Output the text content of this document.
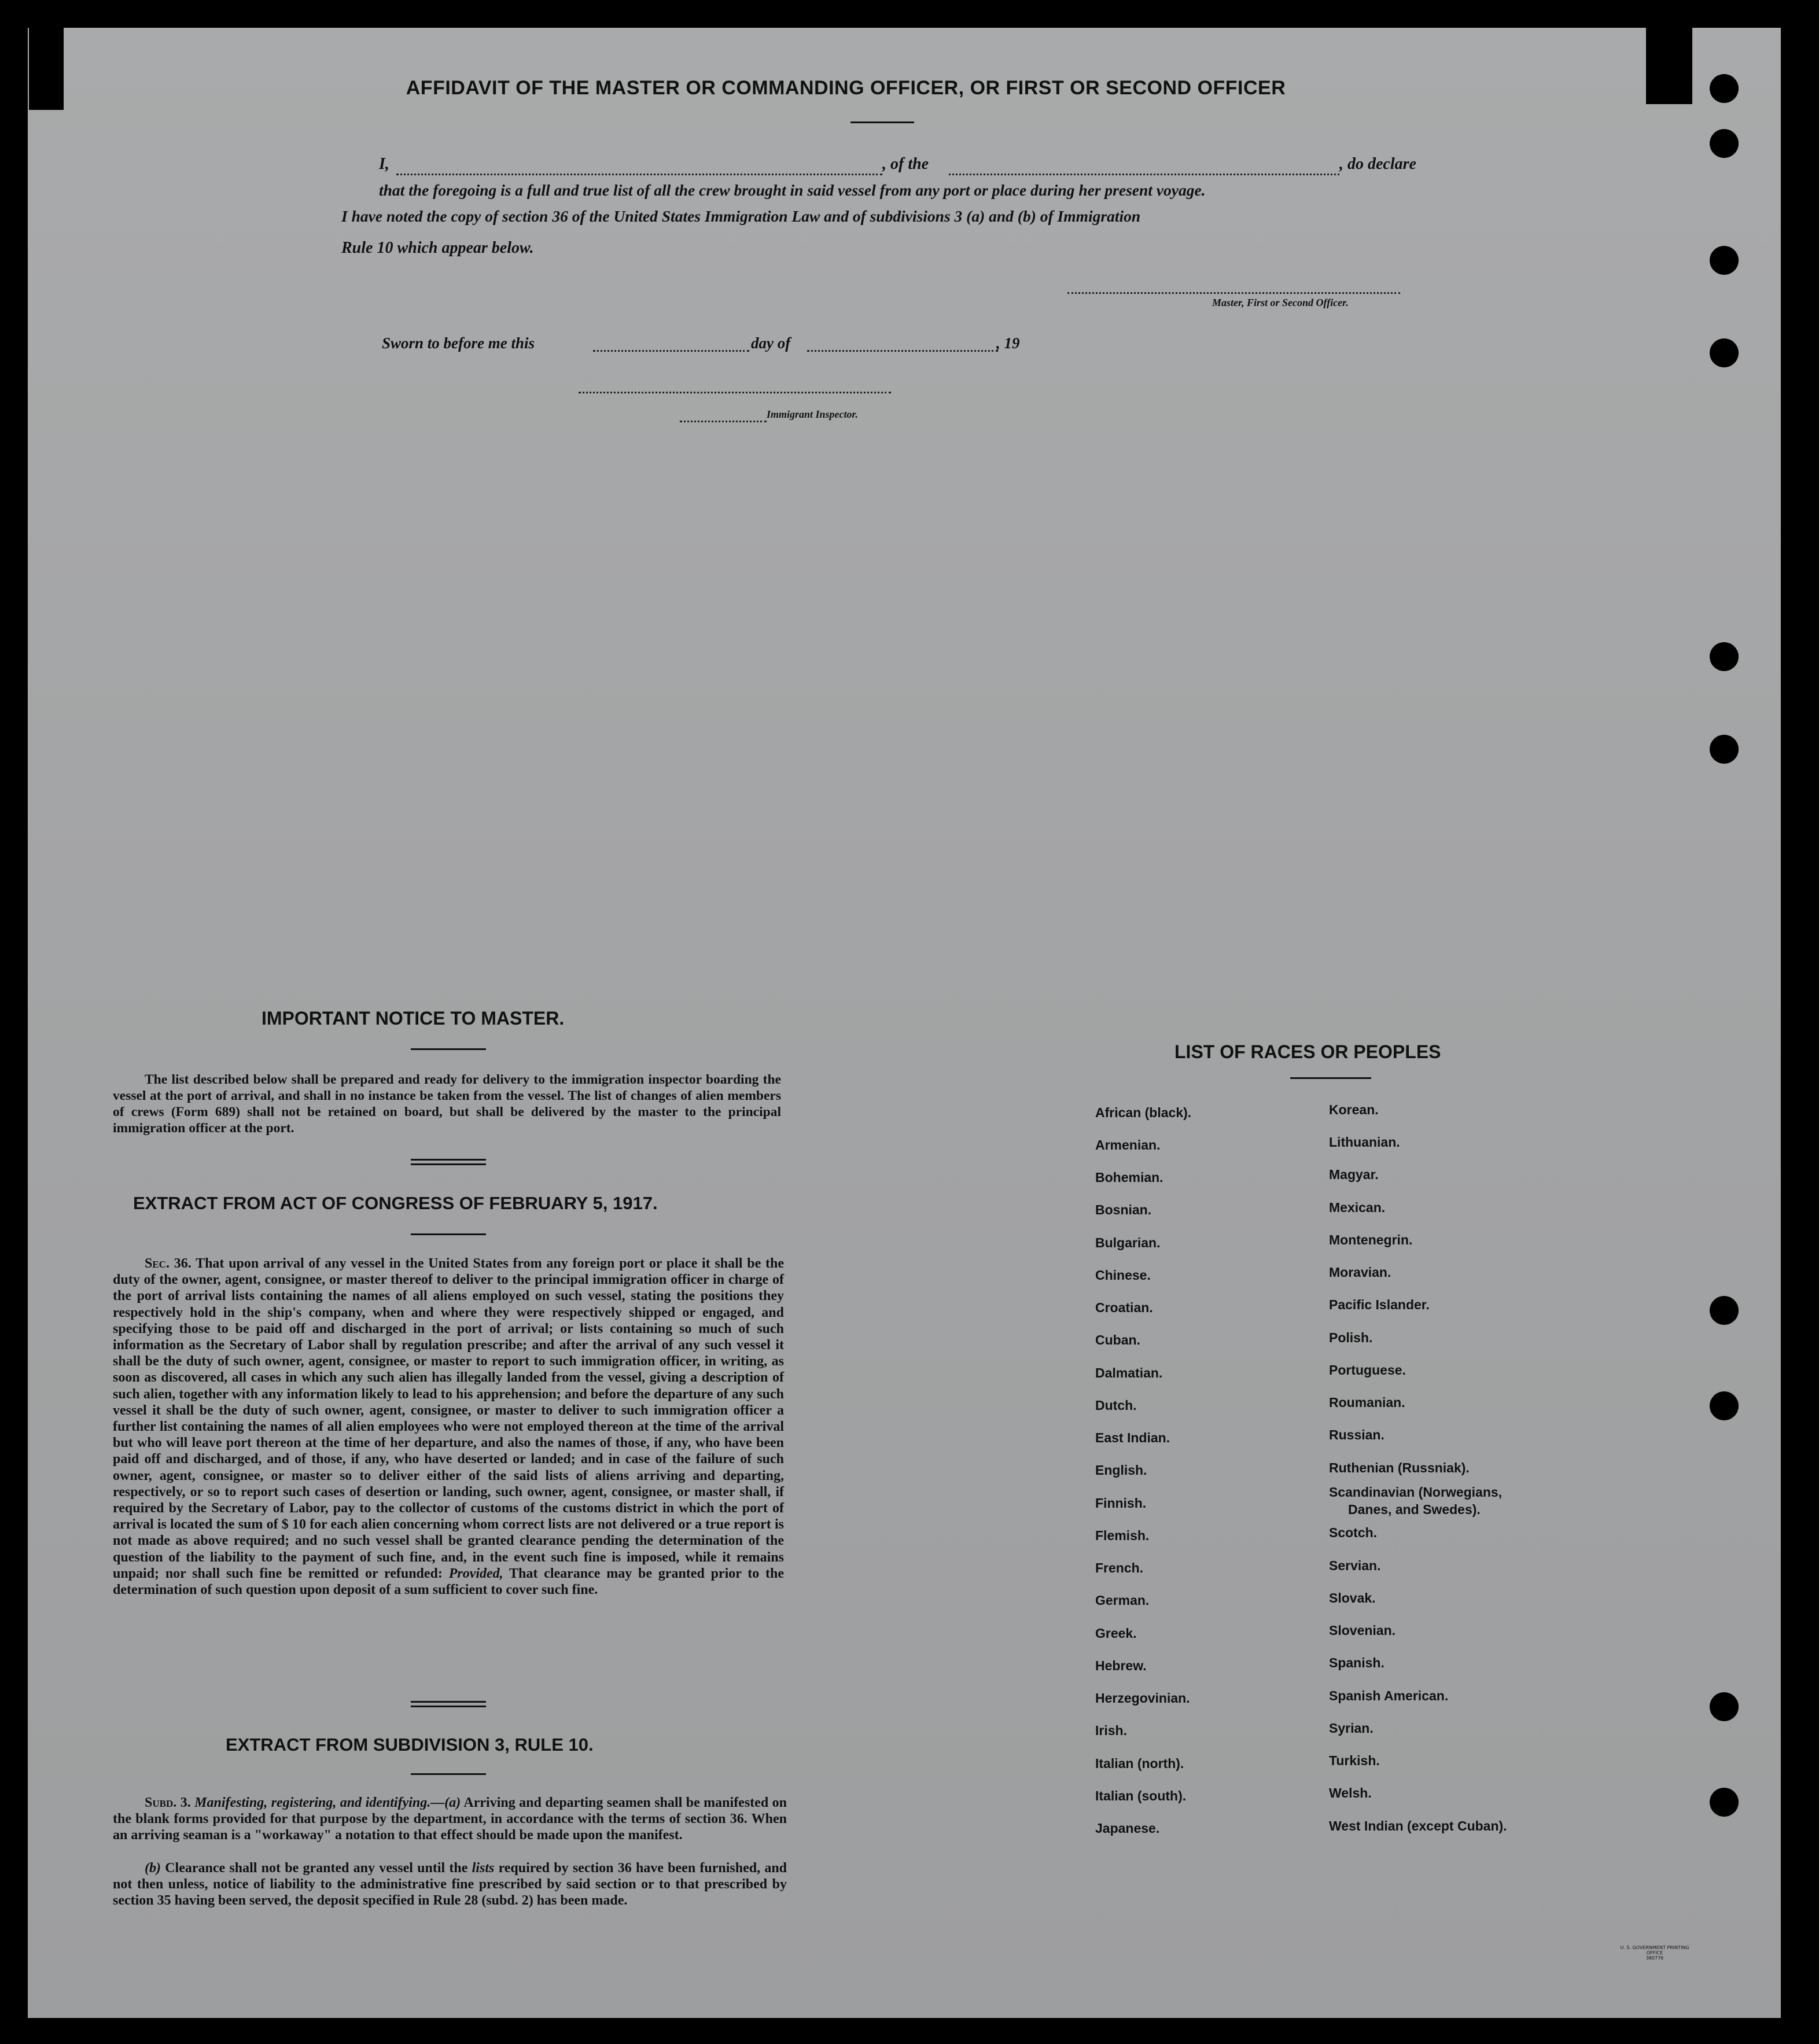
AFFIDAVIT OF THE MASTER OR COMMANDING OFFICER, OR FIRST OR SECOND OFFICER
I,	, of the	, do declare
that the foregoing is a full and true list of all the crew brought in said vessel from any port or place during her present voyage.
I have noted the copy of section 36 of the United States Immigration Law and of subdivisions 3 (a) and (b) of Immigration
Rule 10 which appear below.
Master, First or Second Officer.
Sworn to before me this	day of	, 19
Immigrant Inspector.
IMPORTANT NOTICE TO MASTER.
The list described below shall be prepared and ready for delivery to the immigration inspector boarding the vessel at the port of arrival, and shall in no instance be taken from the vessel. The list of changes of alien members of crews (Form 689) shall not be retained on board, but shall be delivered by the master to the principal immigration officer at the port.
EXTRACT FROM ACT OF CONGRESS OF FEBRUARY 5, 1917.
Sec. 36. That upon arrival of any vessel in the United States from any foreign port or place it shall be the duty of the owner, agent, consignee, or master thereof to deliver to the principal immigration officer in charge of the port of arrival lists containing the names of all aliens employed on such vessel, stating the positions they respectively hold in the ship's company, when and where they were respectively shipped or engaged, and specifying those to be paid off and discharged in the port of arrival; or lists containing so much of such information as the Secretary of Labor shall by regulation prescribe; and after the arrival of any such vessel it shall be the duty of such owner, agent, consignee, or master to report to such immigration officer, in writing, as soon as discovered, all cases in which any such alien has illegally landed from the vessel, giving a description of such alien, together with any information likely to lead to his apprehension; and before the departure of any such vessel it shall be the duty of such owner, agent, consignee, or master to deliver to such immigration officer a further list containing the names of all alien employees who were not employed thereon at the time of the arrival but who will leave port thereon at the time of her departure, and also the names of those, if any, who have been paid off and discharged, and of those, if any, who have deserted or landed; and in case of the failure of such owner, agent, consignee, or master so to deliver either of the said lists of aliens arriving and departing, respectively, or so to report such cases of desertion or landing, such owner, agent, consignee, or master shall, if required by the Secretary of Labor, pay to the collector of customs of the customs district in which the port of arrival is located the sum of $ 10 for each alien concerning whom correct lists are not delivered or a true report is not made as above required; and no such vessel shall be granted clearance pending the determination of the question of the liability to the payment of such fine, and, in the event such fine is imposed, while it remains unpaid; nor shall such fine be remitted or refunded: Provided, That clearance may be granted prior to the determination of such question upon deposit of a sum sufficient to cover such fine.
EXTRACT FROM SUBDIVISION 3, RULE 10.
Subd. 3. Manifesting, registering, and identifying.—(a) Arriving and departing seamen shall be manifested on the blank forms provided for that purpose by the department, in accordance with the terms of section 36. When an arriving seaman is a "workaway" a notation to that effect should be made upon the manifest.
(b) Clearance shall not be granted any vessel until the lists required by section 36 have been furnished, and not then unless, notice of liability to the administrative fine prescribed by said section or to that prescribed by section 35 having been served, the deposit specified in Rule 28 (subd. 2) has been made.
LIST OF RACES OR PEOPLES
African (black).
Armenian.
Bohemian.
Bosnian.
Bulgarian.
Chinese.
Croatian.
Cuban.
Dalmatian.
Dutch.
East Indian.
English.
Finnish.
Flemish.
French.
German.
Greek.
Hebrew.
Herzegovinian.
Irish.
Italian (north).
Italian (south).
Japanese.
Korean.
Lithuanian.
Magyar.
Mexican.
Montenegrin.
Moravian.
Pacific Islander.
Polish.
Portuguese.
Roumanian.
Russian.
Ruthenian (Russniak).
Scandinavian (Norwegians,
Danes, and Swedes).
Scotch.
Servian.
Slovak.
Slovenian.
Spanish.
Spanish American.
Syrian.
Turkish.
Welsh.
West Indian (except Cuban).
U. S. GOVERNMENT PRINTING OFFICE
380776
